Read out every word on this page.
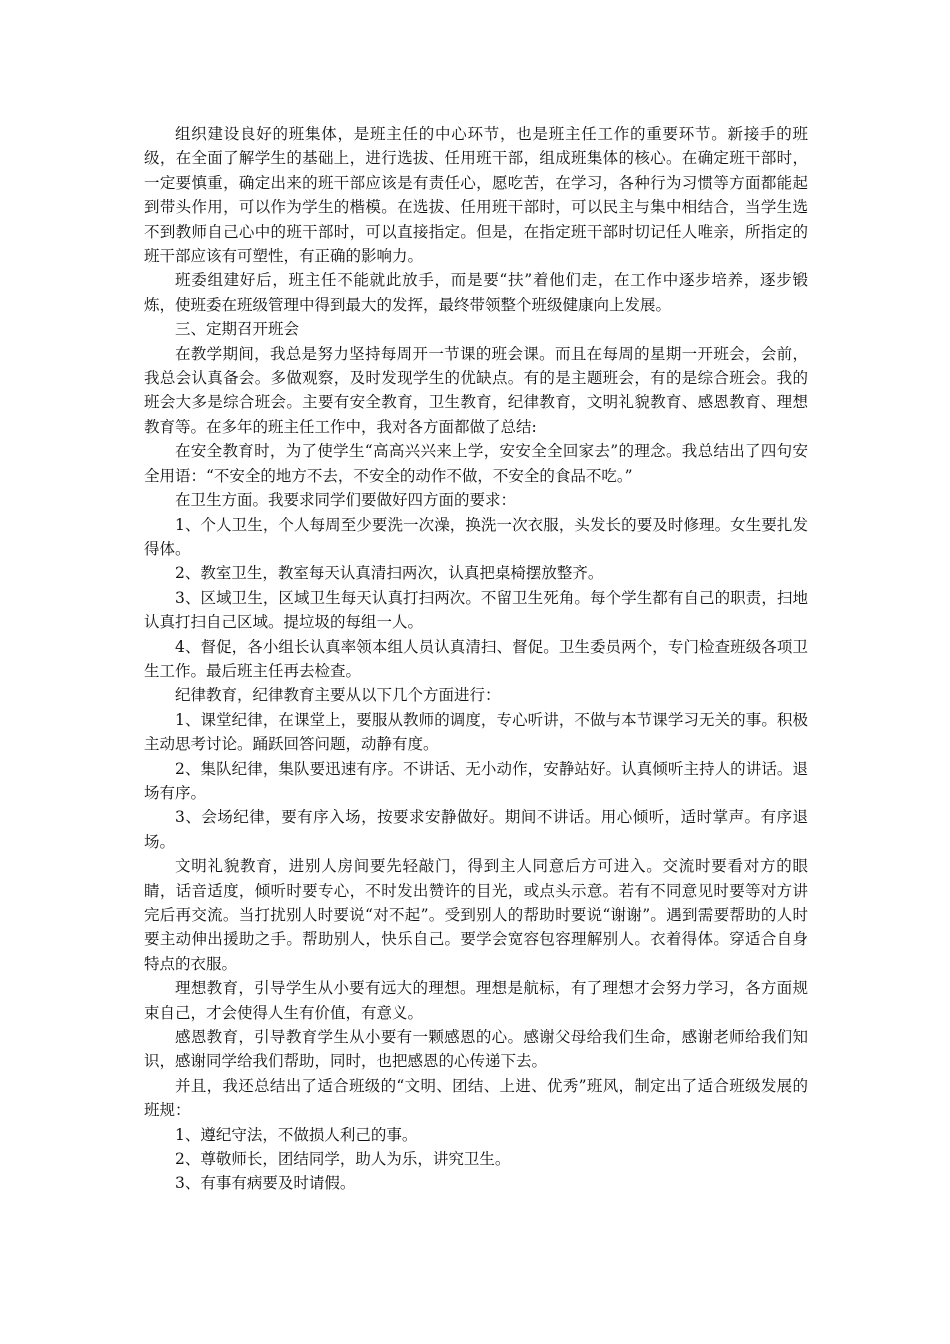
组织建设良好的班集体，是班主任的中心环节，也是班主任工作的重要环节。新接手的班级，在全面了解学生的基础上，进行选拔、任用班干部，组成班集体的核心。在确定班干部时，一定要慎重，确定出来的班干部应该是有责任心，愿吃苦，在学习，各种行为习惯等方面都能起到带头作用，可以作为学生的楷模。在选拔、任用班干部时，可以民主与集中相结合，当学生选不到教师自己心中的班干部时，可以直接指定。但是，在指定班干部时切记任人唯亲，所指定的班干部应该有可塑性，有正确的影响力。

班委组建好后，班主任不能就此放手，而是要“扶”着他们走，在工作中逐步培养，逐步锻炼，使班委在班级管理中得到最大的发挥，最终带领整个班级健康向上发展。

三、定期召开班会

在教学期间，我总是努力坚持每周开一节课的班会课。而且在每周的星期一开班会，会前，我总会认真备会。多做观察，及时发现学生的优缺点。有的是主题班会，有的是综合班会。我的班会大多是综合班会。主要有安全教育，卫生教育，纪律教育，文明礼貌教育、感恩教育、理想教育等。在多年的班主任工作中，我对各方面都做了总结:

在安全教育时，为了使学生“高高兴兴来上学，安安全全回家去”的理念。我总结出了四句安全用语：“不安全的地方不去，不安全的动作不做，不安全的食品不吃。”

在卫生方面。我要求同学们要做好四方面的要求：

1、个人卫生，个人每周至少要洗一次澡，换洗一次衣服，头发长的要及时修理。女生要扎发得体。

2、教室卫生，教室每天认真清扫两次，认真把桌椅摆放整齐。

3、区域卫生，区域卫生每天认真打扫两次。不留卫生死角。每个学生都有自己的职责，扫地认真打扫自己区域。提垃圾的每组一人。

4、督促，各小组长认真率领本组人员认真清扫、督促。卫生委员两个，专门检查班级各项卫生工作。最后班主任再去检查。

纪律教育，纪律教育主要从以下几个方面进行：

1、课堂纪律，在课堂上，要服从教师的调度，专心听讲，不做与本节课学习无关的事。积极主动思考讨论。踊跃回答问题，动静有度。

2、集队纪律，集队要迅速有序。不讲话、无小动作，安静站好。认真倾听主持人的讲话。退场有序。

3、会场纪律，要有序入场，按要求安静做好。期间不讲话。用心倾听，适时掌声。有序退场。

文明礼貌教育，进别人房间要先轻敲门，得到主人同意后方可进入。交流时要看对方的眼睛，话音适度，倾听时要专心，不时发出赞许的目光，或点头示意。若有不同意见时要等对方讲完后再交流。当打扰别人时要说“对不起”。受到别人的帮助时要说“谢谢”。遇到需要帮助的人时要主动伸出援助之手。帮助别人，快乐自己。要学会宽容包容理解别人。衣着得体。穿适合自身特点的衣服。

理想教育，引导学生从小要有远大的理想。理想是航标，有了理想才会努力学习，各方面规束自己，才会使得人生有价值，有意义。

感恩教育，引导教育学生从小要有一颗感恩的心。感谢父母给我们生命，感谢老师给我们知识，感谢同学给我们帮助，同时，也把感恩的心传递下去。

并且，我还总结出了适合班级的“文明、团结、上进、优秀”班风，制定出了适合班级发展的班规：

1、遵纪守法，不做损人利己的事。

2、尊敬师长，团结同学，助人为乐，讲究卫生。

3、有事有病要及时请假。
